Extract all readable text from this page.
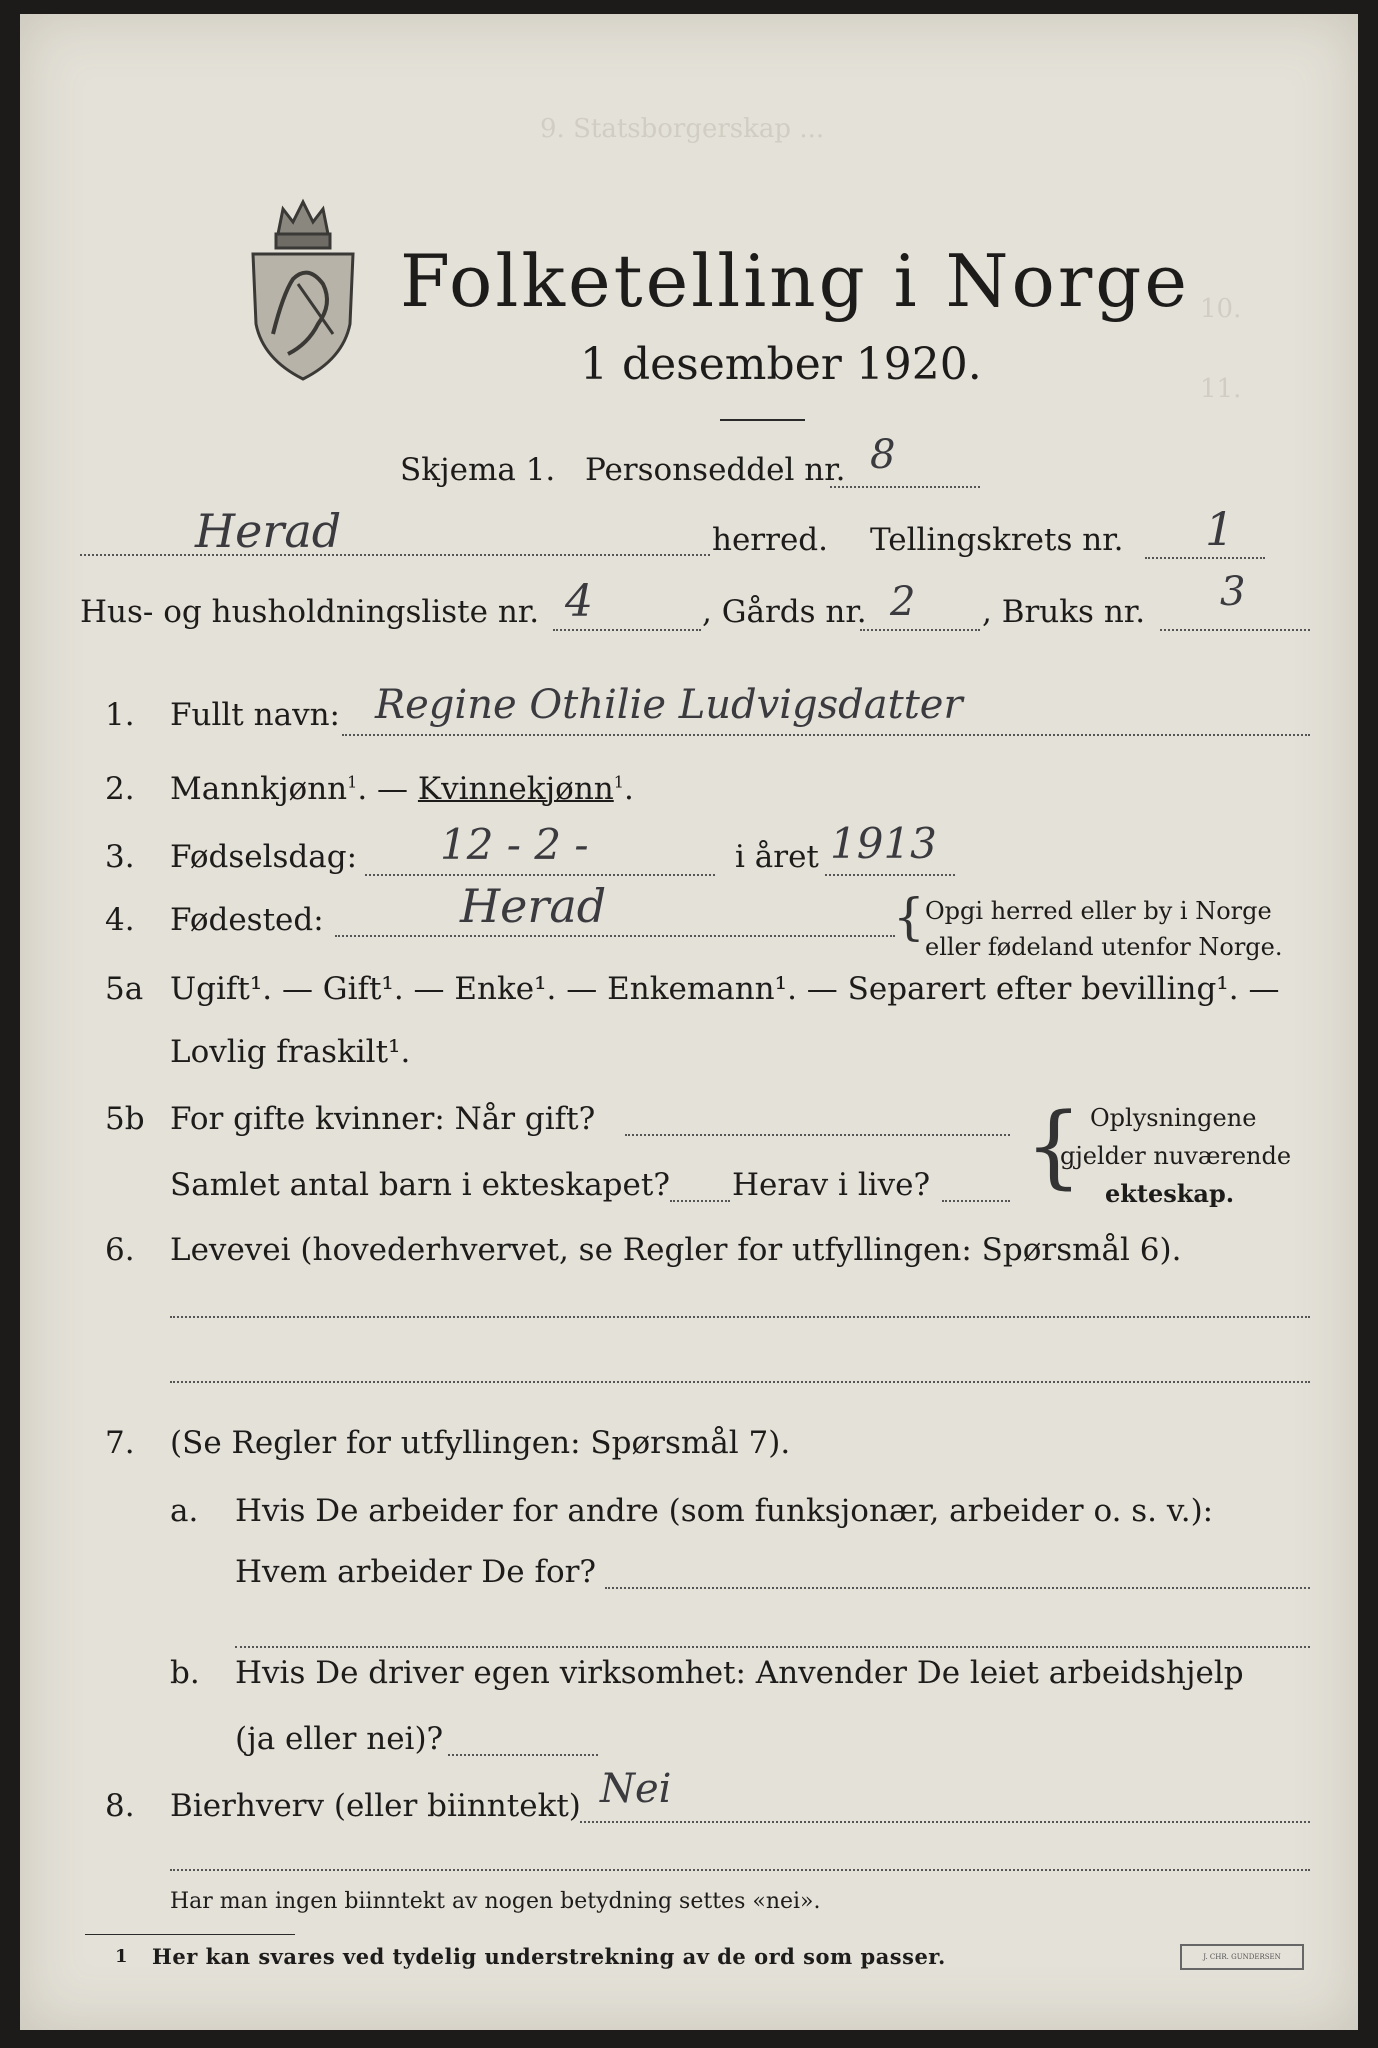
9. Statsborgerskap ...
10.
11.
Folketelling i Norge
1 desember 1920.
Skjema 1. Personseddel nr. 8
Herad	herred. Tellingskrets nr. 1
Hus- og husholdningsliste nr. 4	, Gårds nr. 2 , Bruks nr. 3
1. Fullt navn: Regine Othilie Ludvigsdatter
2. Mannkjønn$^1$. — Kvinnekjønn$^1$.
3. Fødselsdag: 12 - 2 -	i året 1913
4. Fødested:	Herad	{ Opgi herred eller by i Norge
eller fødeland utenfor Norge.
5a Ugift¹. — Gift¹. — Enke¹. — Enkemann¹. — Separert efter bevilling¹. —
Lovlig fraskilt¹.
5b For gifte kvinner: Når gift?
Samlet antal barn i ekteskapet? Herav i live? { Oplysningene
gjelder nuværende
ekteskap.
6. Levevei (hovederhvervet, se Regler for utfyllingen: Spørsmål 6).
7. (Se Regler for utfyllingen: Spørsmål 7).
a. Hvis De arbeider for andre (som funksjonær, arbeider o. s. v.):
Hvem arbeider De for?
b. Hvis De driver egen virksomhet: Anvender De leiet arbeidshjelp
(ja eller nei)?
8. Bierhverv (eller biinntekt) Nei
Har man ingen biinntekt av nogen betydning settes «nei».
1 Her kan svares ved tydelig understrekning av de ord som passer.	J. CHR. GUNDERSEN
